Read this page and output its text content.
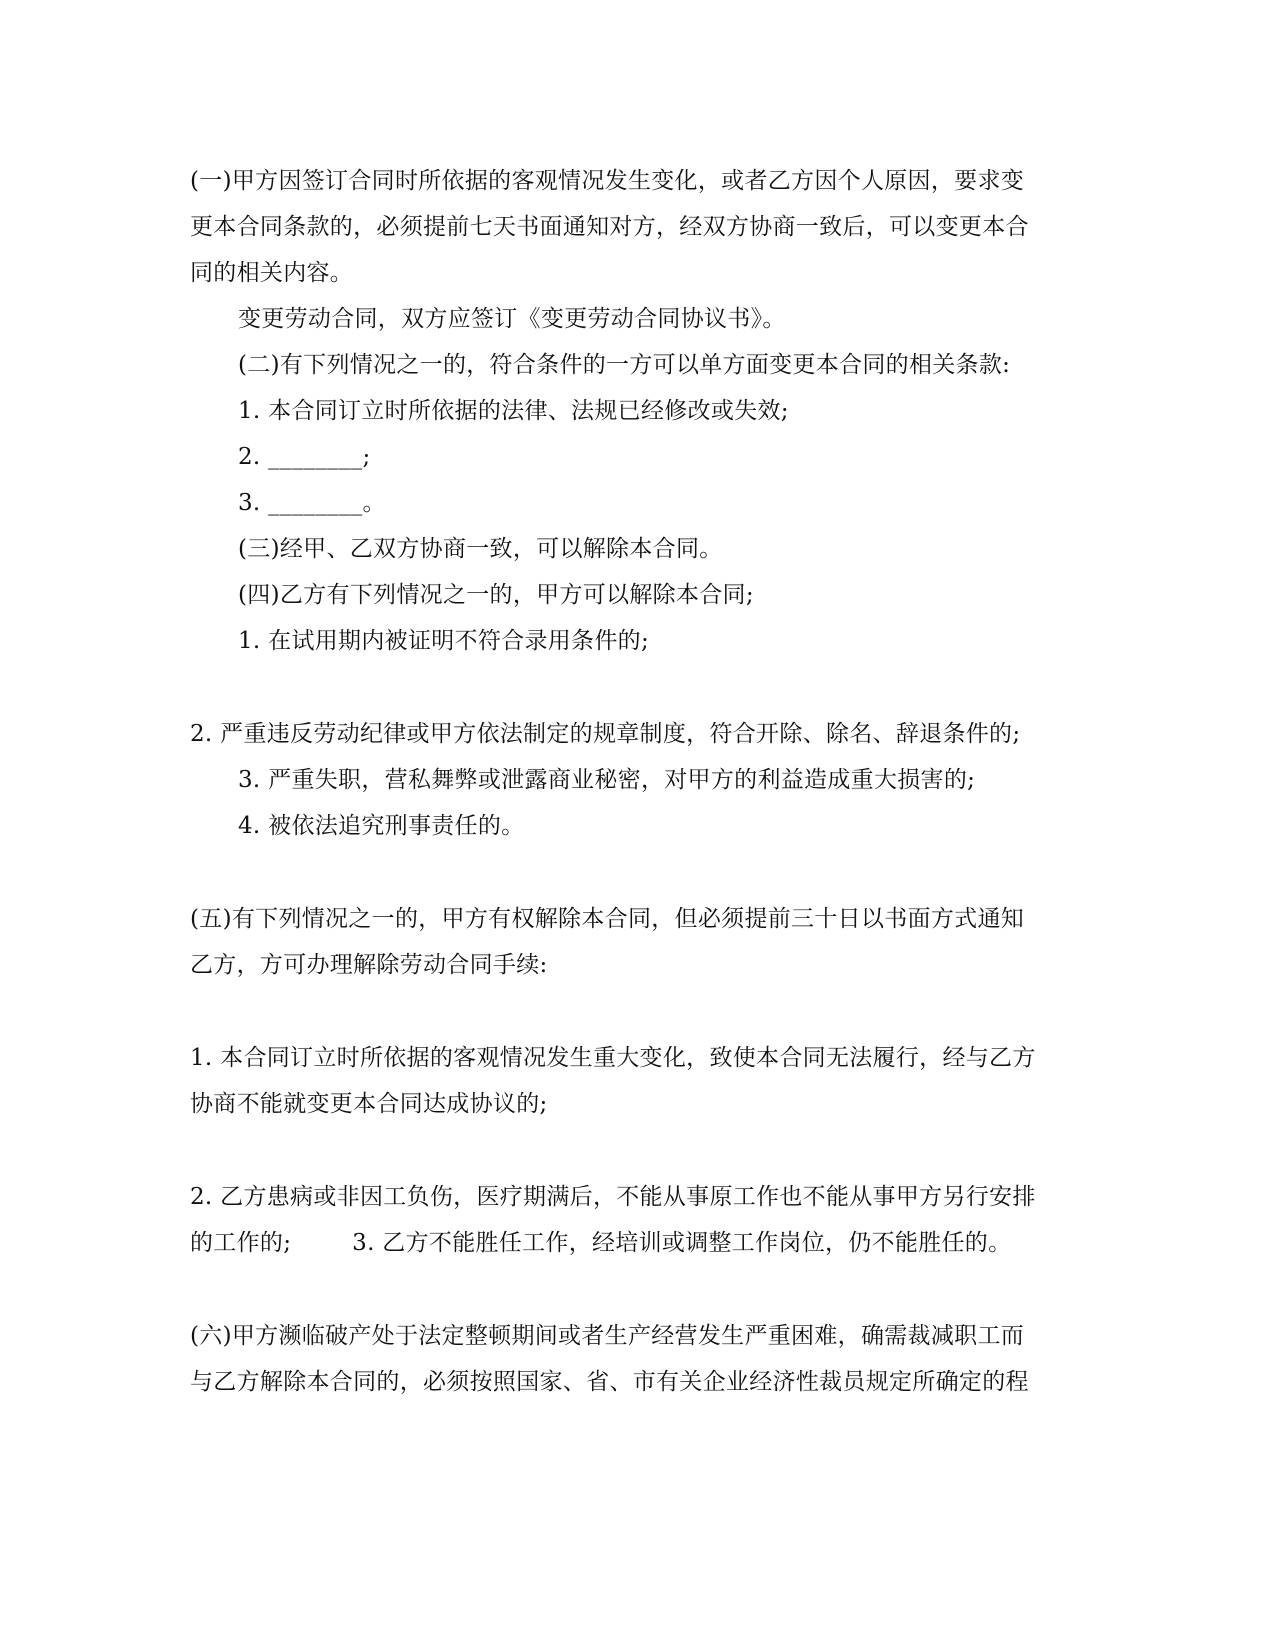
(一)甲方因签订合同时所依据的客观情况发生变化，或者乙方因个人原因，要求变
更本合同条款的，必须提前七天书面通知对方，经双方协商一致后，可以变更本合
同的相关内容。
变更劳动合同，双方应签订《变更劳动合同协议书》。
(二)有下列情况之一的，符合条件的一方可以单方面变更本合同的相关条款:
1. 本合同订立时所依据的法律、法规已经修改或失效;
2. ________;
3. ________。
(三)经甲、乙双方协商一致，可以解除本合同。
(四)乙方有下列情况之一的，甲方可以解除本合同;
1. 在试用期内被证明不符合录用条件的;
2. 严重违反劳动纪律或甲方依法制定的规章制度，符合开除、除名、辞退条件的;
3. 严重失职，营私舞弊或泄露商业秘密，对甲方的利益造成重大损害的;
4. 被依法追究刑事责任的。
(五)有下列情况之一的，甲方有权解除本合同，但必须提前三十日以书面方式通知
乙方，方可办理解除劳动合同手续:
1. 本合同订立时所依据的客观情况发生重大变化，致使本合同无法履行，经与乙方
协商不能就变更本合同达成协议的;
2. 乙方患病或非因工负伤，医疗期满后，不能从事原工作也不能从事甲方另行安排
的工作的;        3. 乙方不能胜任工作，经培训或调整工作岗位，仍不能胜任的。
(六)甲方濒临破产处于法定整顿期间或者生产经营发生严重困难，确需裁减职工而
与乙方解除本合同的，必须按照国家、省、市有关企业经济性裁员规定所确定的程
